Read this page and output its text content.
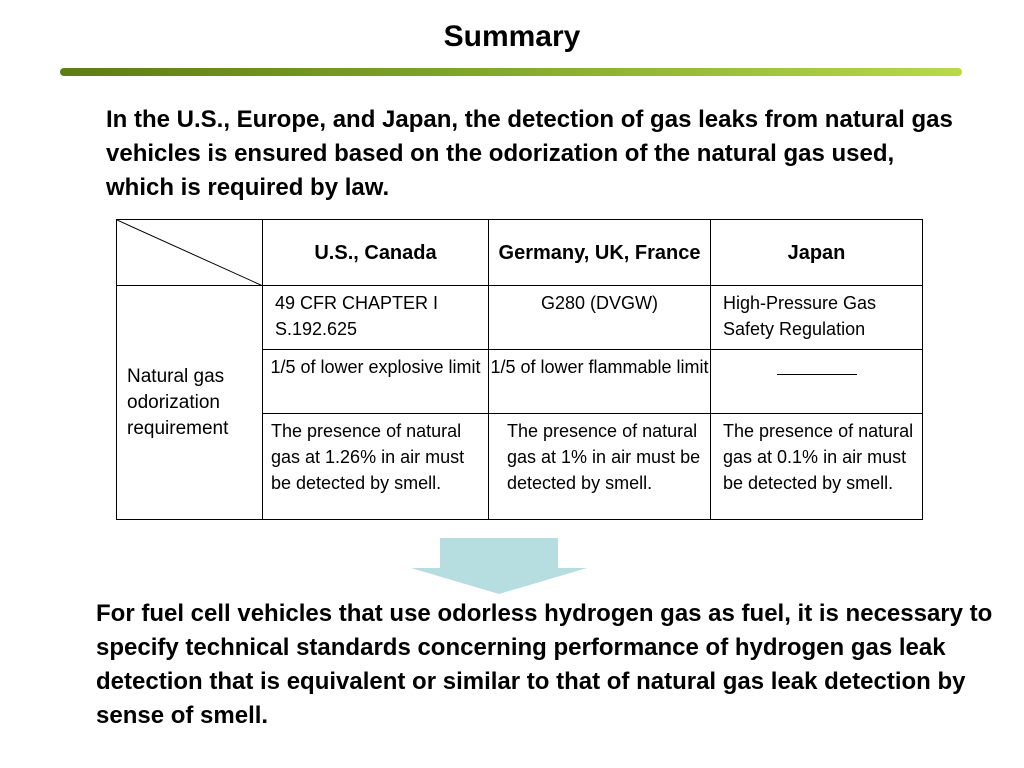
Summary
In the U.S., Europe, and Japan, the detection of gas leaks from natural gas vehicles is ensured based on the odorization of the natural gas used, which is required by law.
	U.S., Canada	Germany, UK, France	Japan
Natural gas odorization requirement	49 CFR CHAPTER I S.192.625	G280 (DVGW)	High-Pressure Gas Safety Regulation
	1/5 of lower explosive limit	1/5 of lower flammable limit	
	The presence of natural gas at 1.26% in air must be detected by smell.	The presence of natural gas at 1% in air must be detected by smell.	The presence of natural gas at 0.1% in air must be detected by smell.
For fuel cell vehicles that use odorless hydrogen gas as fuel, it is necessary to specify technical standards concerning performance of hydrogen gas leak detection that is equivalent or similar to that of natural gas leak detection by sense of smell.
